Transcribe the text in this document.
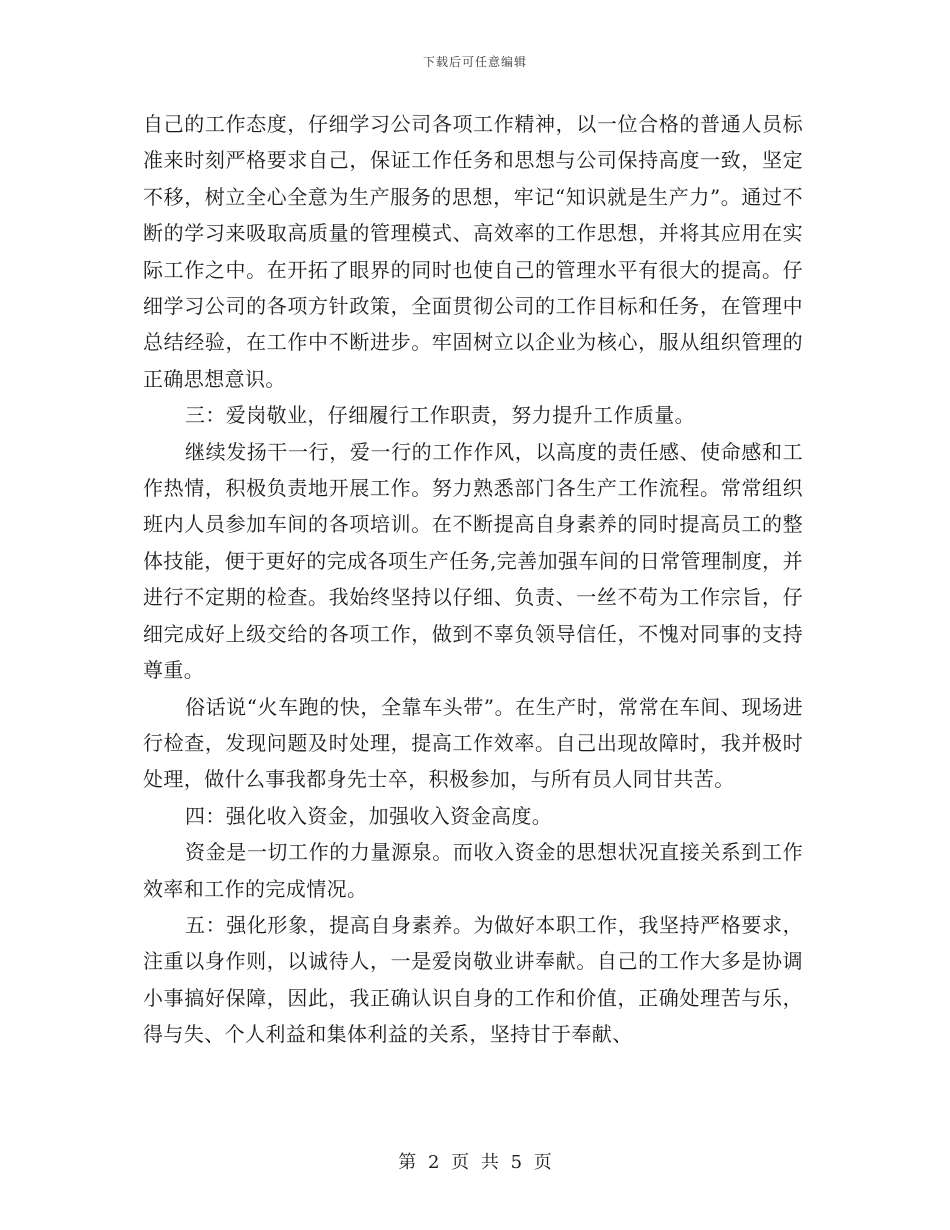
下载后可任意编辑

自己的工作态度，仔细学习公司各项工作精神，以一位合格的普通人员标准来时刻严格要求自己，保证工作任务和思想与公司保持高度一致，坚定不移，树立全心全意为生产服务的思想，牢记“知识就是生产力”。通过不断的学习来吸取高质量的管理模式、高效率的工作思想，并将其应用在实际工作之中。在开拓了眼界的同时也使自己的管理水平有很大的提高。仔细学习公司的各项方针政策，全面贯彻公司的工作目标和任务，在管理中总结经验，在工作中不断进步。牢固树立以企业为核心，服从组织管理的正确思想意识。

三：爱岗敬业，仔细履行工作职责，努力提升工作质量。

继续发扬干一行，爱一行的工作作风，以高度的责任感、使命感和工作热情，积极负责地开展工作。努力熟悉部门各生产工作流程。常常组织班内人员参加车间的各项培训。在不断提高自身素养的同时提高员工的整体技能，便于更好的完成各项生产任务,完善加强车间的日常管理制度，并进行不定期的检查。我始终坚持以仔细、负责、一丝不苟为工作宗旨，仔细完成好上级交给的各项工作，做到不辜负领导信任，不愧对同事的支持尊重。

俗话说“火车跑的快，全靠车头带”。在生产时，常常在车间、现场进行检查，发现问题及时处理，提高工作效率。自己出现故障时，我并极时处理，做什么事我都身先士卒，积极参加，与所有员人同甘共苦。

四：强化收入资金，加强收入资金高度。

资金是一切工作的力量源泉。而收入资金的思想状况直接关系到工作效率和工作的完成情况。

五：强化形象，提高自身素养。为做好本职工作，我坚持严格要求，注重以身作则，以诚待人，一是爱岗敬业讲奉献。自己的工作大多是协调小事搞好保障，因此，我正确认识自身的工作和价值，正确处理苦与乐，得与失、个人利益和集体利益的关系，坚持甘于奉献、

第 2 页 共 5 页
